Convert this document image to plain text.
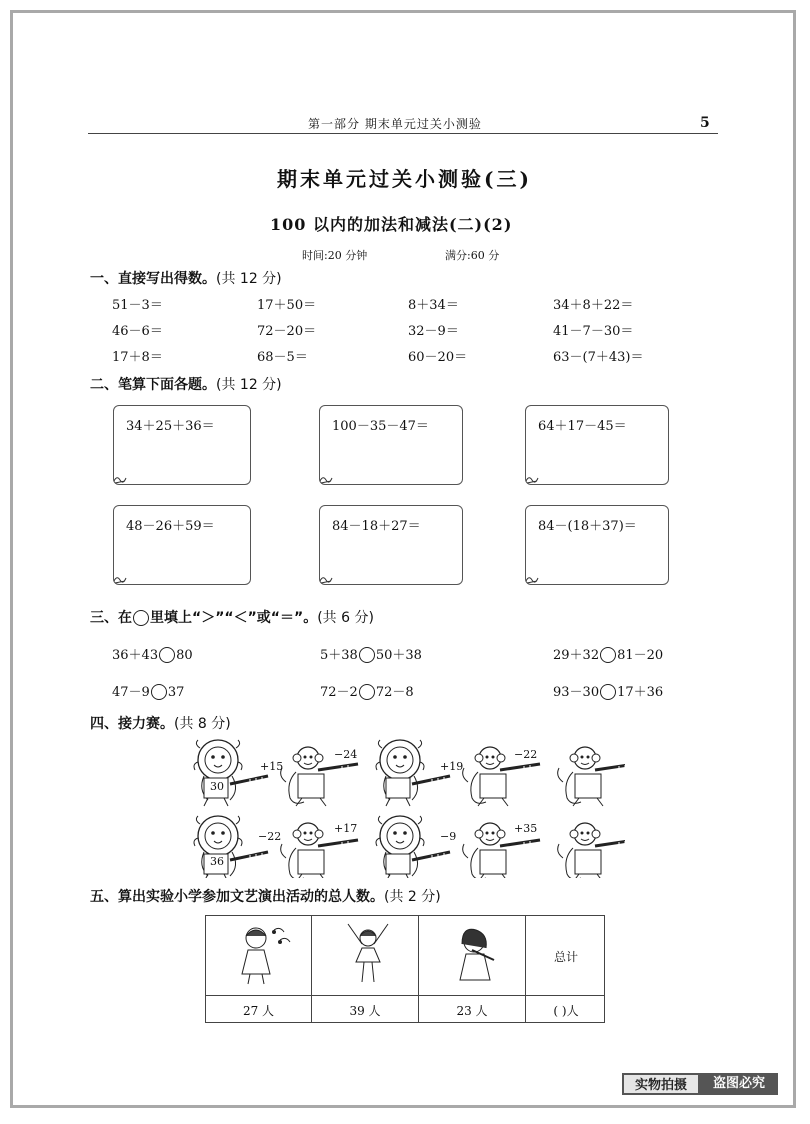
第一部分 期末单元过关小测验	5
期末单元过关小测验(三)
100 以内的加法和减法(二)(2)
时间:20 分钟	满分:60 分
一、直接写出得数。(共 12 分)
51－3＝	17＋50＝	8＋34＝	34＋8＋22＝
46－6＝	72－20＝	32－9＝	41－7－30＝
17＋8＝	68－5＝	60－20＝	63－(7＋43)＝
二、笔算下面各题。(共 12 分)
34＋25＋36＝	100－35－47＝	64＋17－45＝
48－26＋59＝	84－18＋27＝	84－(18＋37)＝
三、在 里填上“＞”“＜”或“＝”。(共 6 分)
36＋43 80	5＋38 50＋38	29＋32 81－20
47－9 37	72－2 72－8	93－30 17＋36
四、接力赛。(共 8 分)
30
+15
−24
+19
−22
36
−22
+17
−9
+35
五、算出实验小学参加文艺演出活动的总人数。(共 2 分)
总计
27 人	39 人	23 人	( )人
实物拍摄	盗图必究
